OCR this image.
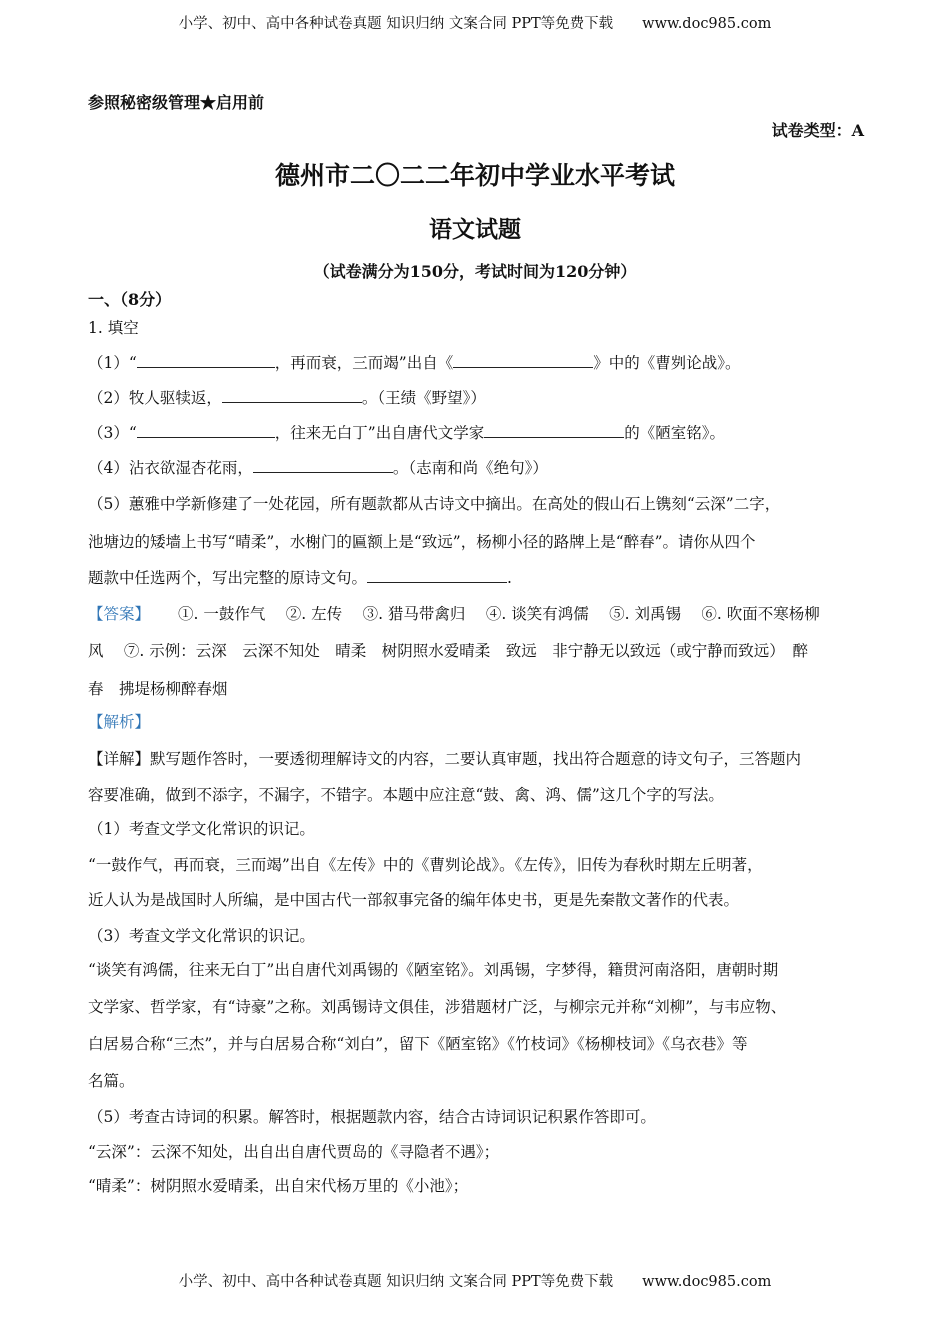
小学、初中、高中各种试卷真题 知识归纳 文案合同 PPT等免费下载　　www.doc985.com
参照秘密级管理★启用前
试卷类型：A
德州市二〇二二年初中学业水平考试
语文试题
（试卷满分为150分，考试时间为120分钟）
一、（8分）
1. 填空
（1）“	，再而衰，三而竭”出自《	》中的《曹刿论战》。
（2）牧人驱犊返，	。（王绩《野望》）
（3）“	，往来无白丁”出自唐代文学家	的《陋室铭》。
（4）沾衣欲湿杏花雨，	。（志南和尚《绝句》）
（5）蕙雅中学新修建了一处花园，所有题款都从古诗文中摘出。在高处的假山石上镌刻“云深”二字，
池塘边的矮墙上书写“晴柔”，水榭门的匾额上是“致远”，杨柳小径的路牌上是“醉春”。请你从四个
题款中任选两个，写出完整的原诗文句。	.
【答案】 ①. 一鼓作气　 ②. 左传　 ③. 猎马带禽归　 ④. 谈笑有鸿儒　 ⑤. 刘禹锡　 ⑥. 吹面不寒杨柳
风　 ⑦. 示例：云深　云深不知处　晴柔　树阴照水爱晴柔　致远　非宁静无以致远（或宁静而致远）　醉
春　拂堤杨柳醉春烟
【解析】
【详解】默写题作答时，一要透彻理解诗文的内容，二要认真审题，找出符合题意的诗文句子，三答题内
容要准确，做到不添字，不漏字，不错字。本题中应注意“鼓、禽、鸿、儒”这几个字的写法。
（1）考查文学文化常识的识记。
“一鼓作气，再而衰，三而竭”出自《左传》中的《曹刿论战》。《左传》，旧传为春秋时期左丘明著，
近人认为是战国时人所编，是中国古代一部叙事完备的编年体史书，更是先秦散文著作的代表。
（3）考查文学文化常识的识记。
“谈笑有鸿儒，往来无白丁”出自唐代刘禹锡的《陋室铭》。刘禹锡，字梦得，籍贯河南洛阳，唐朝时期
文学家、哲学家，有“诗豪”之称。刘禹锡诗文俱佳，涉猎题材广泛，与柳宗元并称“刘柳”，与韦应物、
白居易合称“三杰”，并与白居易合称“刘白”，留下《陋室铭》《竹枝词》《杨柳枝词》《乌衣巷》等
名篇。
（5）考查古诗词的积累。解答时，根据题款内容，结合古诗词识记积累作答即可。
“云深”：云深不知处，出自出自唐代贾岛的《寻隐者不遇》；
“晴柔”：树阴照水爱晴柔，出自宋代杨万里的《小池》；
小学、初中、高中各种试卷真题 知识归纳 文案合同 PPT等免费下载　　www.doc985.com
